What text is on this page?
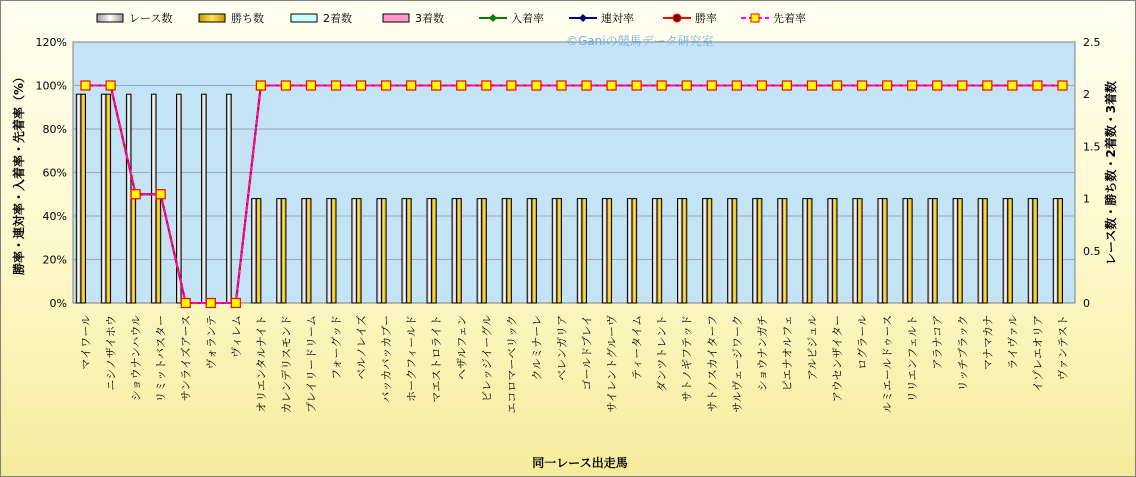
0%
20%
40%
60%
80%
100%
120%
0
0.5
1
1.5
2
2.5
マイワール ニシノザイホウ ショウナンハウル リミットバスター サンライズアース ヴォランテ ヴィレム オリエンタルナイト カレンデリスモンド プレイリードリーム フォーグッド ベルノレイズ バッカバッカブー ホークフィールド マエストロライト ヘザルフェン ビレッジイーグル エコロマーベリック クルミナーレ ベレンガリア ゴールドブレイ サイレントグルーヴ ティータイム ダンツトレント サトノギフテッド サトノスカイターフ サルヴェージワーク ショウナンガチ ピエナオルフェ アルビジュル アウセンザイター ログラール ルミエールドゥース リリエンフェルト アラナコア リッチブラック マナマカナ ライヴァル イゾレエオリア ヴァンテスト
同一レース出走馬
勝率・連対率・入着率・先着率（%）	レース数・勝ち数・2着数・3着数
©Ganiの競馬データ研究室
レース数	勝ち数	2着数	3着数	入着率	連対率	勝率	先着率
